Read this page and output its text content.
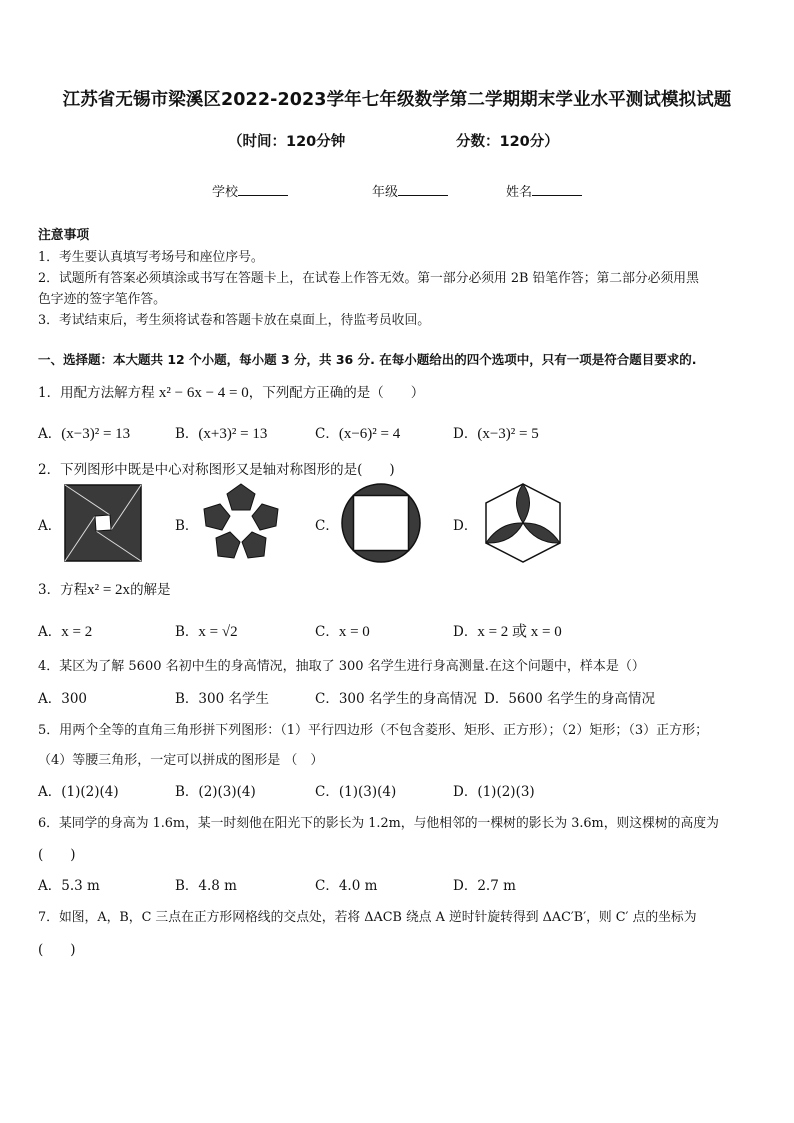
江苏省无锡市梁溪区2022-2023学年七年级数学第二学期期末学业水平测试模拟试题
（时间：120分钟	分数：120分）
学校	年级	姓名
注意事项
1．考生要认真填写考场号和座位序号。
2．试题所有答案必须填涂或书写在答题卡上，在试卷上作答无效。第一部分必须用 2B 铅笔作答；第二部分必须用黑
色字迹的签字笔作答。
3．考试结束后，考生须将试卷和答题卡放在桌面上，待监考员收回。
一、选择题：本大题共 12 个小题，每小题 3 分，共 36 分. 在每小题给出的四个选项中，只有一项是符合题目要求的.
1．用配方法解方程 x² − 6x − 4 = 0，下列配方正确的是（　　）
A．(x−3)² = 13	B．(x+3)² = 13	C．(x−6)² = 4	D．(x−3)² = 5
2．下列图形中既是中心对称图形又是轴对称图形的是(　　)
A．	B．	C．	D．
3．方程x² = 2x的解是
A．x = 2	B．x = √2	C．x = 0	D．x = 2 或 x = 0
4．某区为了解 5600 名初中生的身高情况，抽取了 300 名学生进行身高测量.在这个问题中，样本是（）
A．300	B．300 名学生	C．300 名学生的身高情况 D．5600 名学生的身高情况
5．用两个全等的直角三角形拼下列图形：（1）平行四边形（不包含菱形、矩形、正方形）；（2）矩形；（3）正方形；
（4）等腰三角形，一定可以拼成的图形是 （　）
A．(1)(2)(4)	B．(2)(3)(4)	C．(1)(3)(4)	D．(1)(2)(3)
6．某同学的身高为 1.6m，某一时刻他在阳光下的影长为 1.2m，与他相邻的一棵树的影长为 3.6m，则这棵树的高度为
(　　)
A．5.3 m	B．4.8 m	C．4.0 m	D．2.7 m
7．如图，A，B，C 三点在正方形网格线的交点处，若将 ΔACB 绕点 A 逆时针旋转得到 ΔAC′B′，则 C′ 点的坐标为
(　　)
